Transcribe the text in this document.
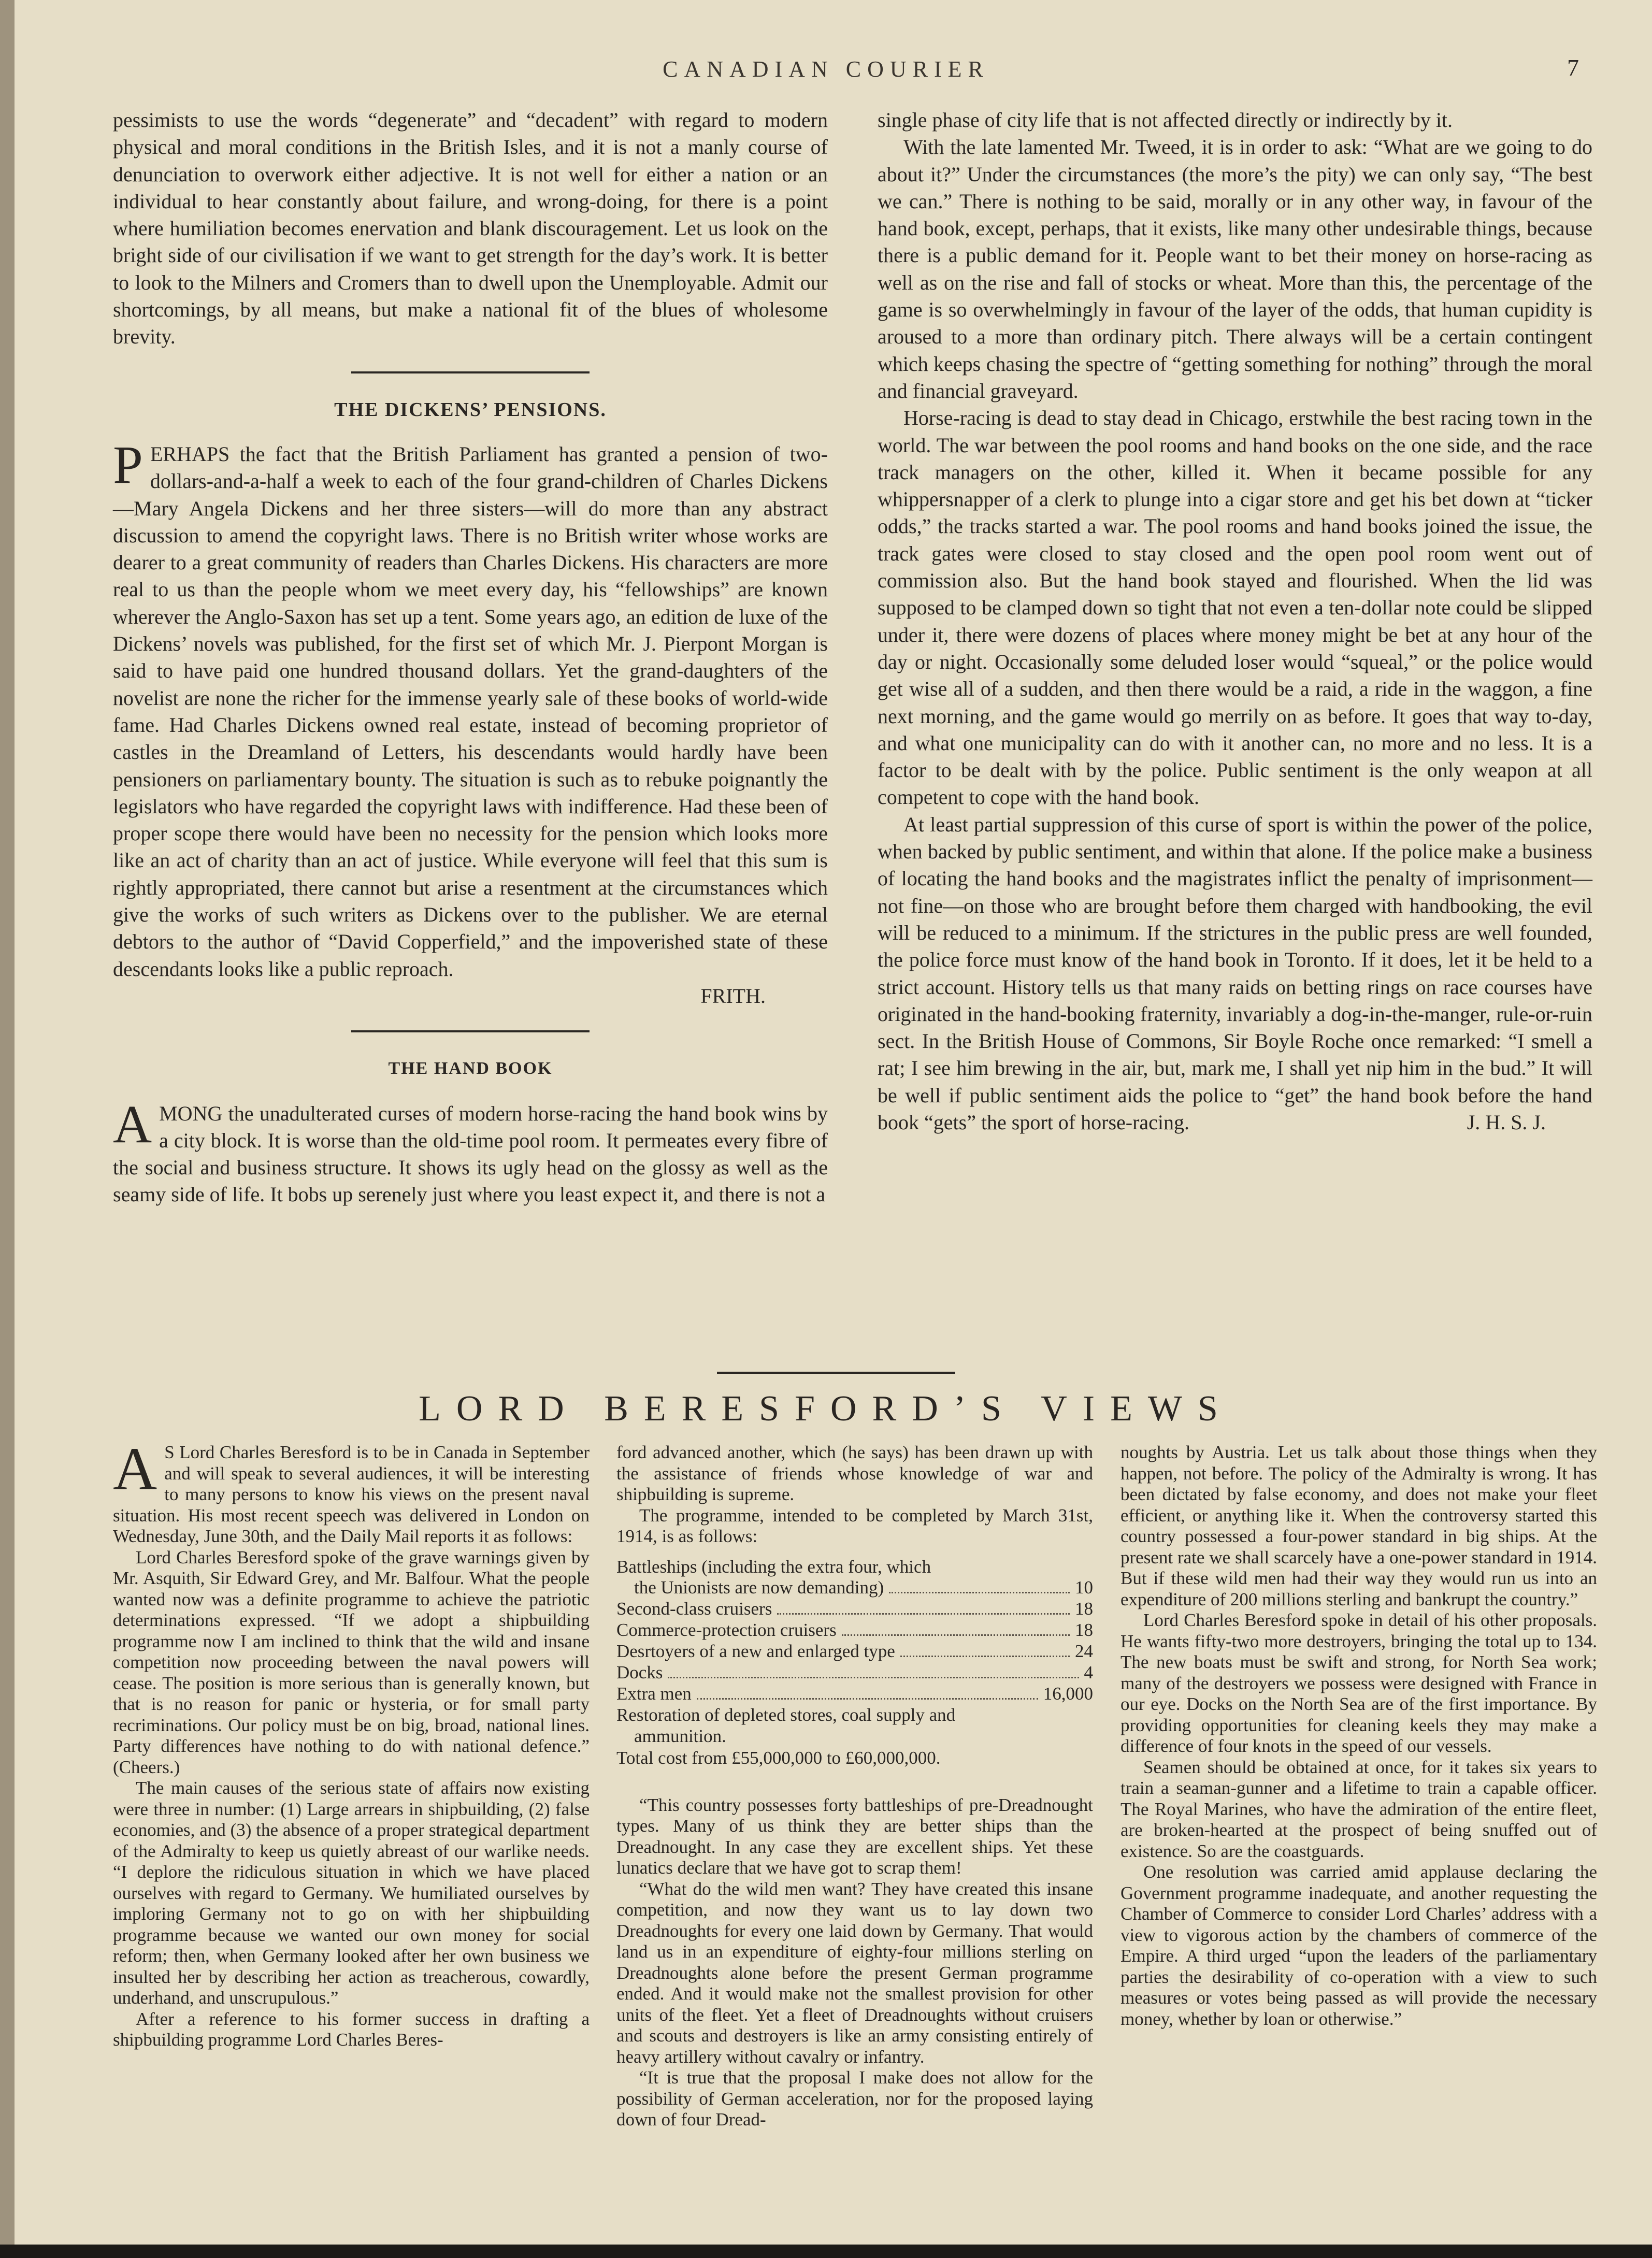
CANADIAN COURIER	7

pessimists to use the words “degenerate” and “decadent” with regard to modern physical and moral conditions in the British Isles, and it is not a manly course of denunciation to overwork either adjective. It is not well for either a nation or an individual to hear constantly about failure, and wrong-doing, for there is a point where humiliation becomes enervation and blank discouragement. Let us look on the bright side of our civilisation if we want to get strength for the day’s work. It is better to look to the Milners and Cromers than to dwell upon the Unemployable. Admit our shortcomings, by all means, but make a national fit of the blues of wholesome brevity.

THE DICKENS’ PENSIONS.

PERHAPS the fact that the British Parliament has granted a pension of two-dollars-and-a-half a week to each of the four grand-children of Charles Dickens—Mary Angela Dickens and her three sisters—will do more than any abstract discussion to amend the copyright laws. There is no British writer whose works are dearer to a great community of readers than Charles Dickens. His characters are more real to us than the people whom we meet every day, his “fellowships” are known wherever the Anglo-Saxon has set up a tent. Some years ago, an edition de luxe of the Dickens’ novels was published, for the first set of which Mr. J. Pierpont Morgan is said to have paid one hundred thousand dollars. Yet the grand-daughters of the novelist are none the richer for the immense yearly sale of these books of world-wide fame. Had Charles Dickens owned real estate, instead of becoming proprietor of castles in the Dreamland of Letters, his descendants would hardly have been pensioners on parliamentary bounty. The situation is such as to rebuke poignantly the legislators who have regarded the copyright laws with indifference. Had these been of proper scope there would have been no necessity for the pension which looks more like an act of charity than an act of justice. While everyone will feel that this sum is rightly appropriated, there cannot but arise a resentment at the circumstances which give the works of such writers as Dickens over to the publisher. We are eternal debtors to the author of “David Copperfield,” and the impoverished state of these descendants looks like a public reproach.

FRITH.
THE HAND BOOK

AMONG the unadulterated curses of modern horse-racing the hand book wins by a city block. It is worse than the old-time pool room. It permeates every fibre of the social and business structure. It shows its ugly head on the glossy as well as the seamy side of life. It bobs up serenely just where you least expect it, and there is not a

single phase of city life that is not affected directly or indirectly by it.

With the late lamented Mr. Tweed, it is in order to ask: “What are we going to do about it?” Under the circumstances (the more’s the pity) we can only say, “The best we can.” There is nothing to be said, morally or in any other way, in favour of the hand book, except, perhaps, that it exists, like many other undesirable things, because there is a public demand for it. People want to bet their money on horse-racing as well as on the rise and fall of stocks or wheat. More than this, the percentage of the game is so overwhelmingly in favour of the layer of the odds, that human cupidity is aroused to a more than ordinary pitch. There always will be a certain contingent which keeps chasing the spectre of “getting something for nothing” through the moral and financial graveyard.

Horse-racing is dead to stay dead in Chicago, erstwhile the best racing town in the world. The war between the pool rooms and hand books on the one side, and the race track managers on the other, killed it. When it became possible for any whippersnapper of a clerk to plunge into a cigar store and get his bet down at “ticker odds,” the tracks started a war. The pool rooms and hand books joined the issue, the track gates were closed to stay closed and the open pool room went out of commission also. But the hand book stayed and flourished. When the lid was supposed to be clamped down so tight that not even a ten-dollar note could be slipped under it, there were dozens of places where money might be bet at any hour of the day or night. Occasionally some deluded loser would “squeal,” or the police would get wise all of a sudden, and then there would be a raid, a ride in the waggon, a fine next morning, and the game would go merrily on as before. It goes that way to-day, and what one municipality can do with it another can, no more and no less. It is a factor to be dealt with by the police. Public sentiment is the only weapon at all competent to cope with the hand book.

At least partial suppression of this curse of sport is within the power of the police, when backed by public sentiment, and within that alone. If the police make a business of locating the hand books and the magistrates inflict the penalty of imprisonment—not fine—on those who are brought before them charged with handbooking, the evil will be reduced to a minimum. If the strictures in the public press are well founded, the police force must know of the hand book in Toronto. If it does, let it be held to a strict account. History tells us that many raids on betting rings on race courses have originated in the hand-booking fraternity, invariably a dog-in-the-manger, rule-or-ruin sect. In the British House of Commons, Sir Boyle Roche once remarked: “I smell a rat; I see him brewing in the air, but, mark me, I shall yet nip him in the bud.” It will be well if public sentiment aids the police to “get” the hand book before the hand book “gets” the sport of horse-racing.	J. H. S. J.

LORD BERESFORD’S VIEWS

A S Lord Charles Beresford is to be in Canada in September and will speak to several audiences, it will be interesting to many persons to know his views on the present naval situation. His most recent speech was delivered in London on Wednesday, June 30th, and the Daily Mail reports it as follows:

Lord Charles Beresford spoke of the grave warnings given by Mr. Asquith, Sir Edward Grey, and Mr. Balfour. What the people wanted now was a definite programme to achieve the patriotic determinations expressed. “If we adopt a shipbuilding programme now I am inclined to think that the wild and insane competition now proceeding between the naval powers will cease. The position is more serious than is generally known, but that is no reason for panic or hysteria, or for small party recriminations. Our policy must be on big, broad, national lines. Party differences have nothing to do with national defence.” (Cheers.)

The main causes of the serious state of affairs now existing were three in number: (1) Large arrears in shipbuilding, (2) false economies, and (3) the absence of a proper strategical department of the Admiralty to keep us quietly abreast of our warlike needs. “I deplore the ridiculous situation in which we have placed ourselves with regard to Germany. We humiliated ourselves by imploring Germany not to go on with her shipbuilding programme because we wanted our own money for social reform; then, when Germany looked after her own business we insulted her by describing her action as treacherous, cowardly, underhand, and unscrupulous.”

After a reference to his former success in drafting a shipbuilding programme Lord Charles Beres-

ford advanced another, which (he says) has been drawn up with the assistance of friends whose knowledge of war and shipbuilding is supreme.

The programme, intended to be completed by March 31st, 1914, is as follows:

Battleships (including the extra four, which
the Unionists are now demanding)	10
Second-class cruisers	18
Commerce-protection cruisers	18
Desrtoyers of a new and enlarged type	24
Docks	4
Extra men	16,000
Restoration of depleted stores, coal supply and
ammunition.
Total cost from £55,000,000 to £60,000,000.

“This country possesses forty battleships of pre-Dreadnought types. Many of us think they are better ships than the Dreadnought. In any case they are excellent ships. Yet these lunatics declare that we have got to scrap them!

“What do the wild men want? They have created this insane competition, and now they want us to lay down two Dreadnoughts for every one laid down by Germany. That would land us in an expenditure of eighty-four millions sterling on Dreadnoughts alone before the present German programme ended. And it would make not the smallest provision for other units of the fleet. Yet a fleet of Dreadnoughts without cruisers and scouts and destroyers is like an army consisting entirely of heavy artillery without cavalry or infantry.

“It is true that the proposal I make does not allow for the possibility of German acceleration, nor for the proposed laying down of four Dread-

noughts by Austria. Let us talk about those things when they happen, not before. The policy of the Admiralty is wrong. It has been dictated by false economy, and does not make your fleet efficient, or anything like it. When the controversy started this country possessed a four-power standard in big ships. At the present rate we shall scarcely have a one-power standard in 1914. But if these wild men had their way they would run us into an expenditure of 200 millions sterling and bankrupt the country.”

Lord Charles Beresford spoke in detail of his other proposals. He wants fifty-two more destroyers, bringing the total up to 134. The new boats must be swift and strong, for North Sea work; many of the destroyers we possess were designed with France in our eye. Docks on the North Sea are of the first importance. By providing opportunities for cleaning keels they may make a difference of four knots in the speed of our vessels.

Seamen should be obtained at once, for it takes six years to train a seaman-gunner and a lifetime to train a capable officer. The Royal Marines, who have the admiration of the entire fleet, are broken-hearted at the prospect of being snuffed out of existence. So are the coastguards.

One resolution was carried amid applause declaring the Government programme inadequate, and another requesting the Chamber of Commerce to consider Lord Charles’ address with a view to vigorous action by the chambers of commerce of the Empire. A third urged “upon the leaders of the parliamentary parties the desirability of co-operation with a view to such measures or votes being passed as will provide the necessary money, whether by loan or otherwise.”
